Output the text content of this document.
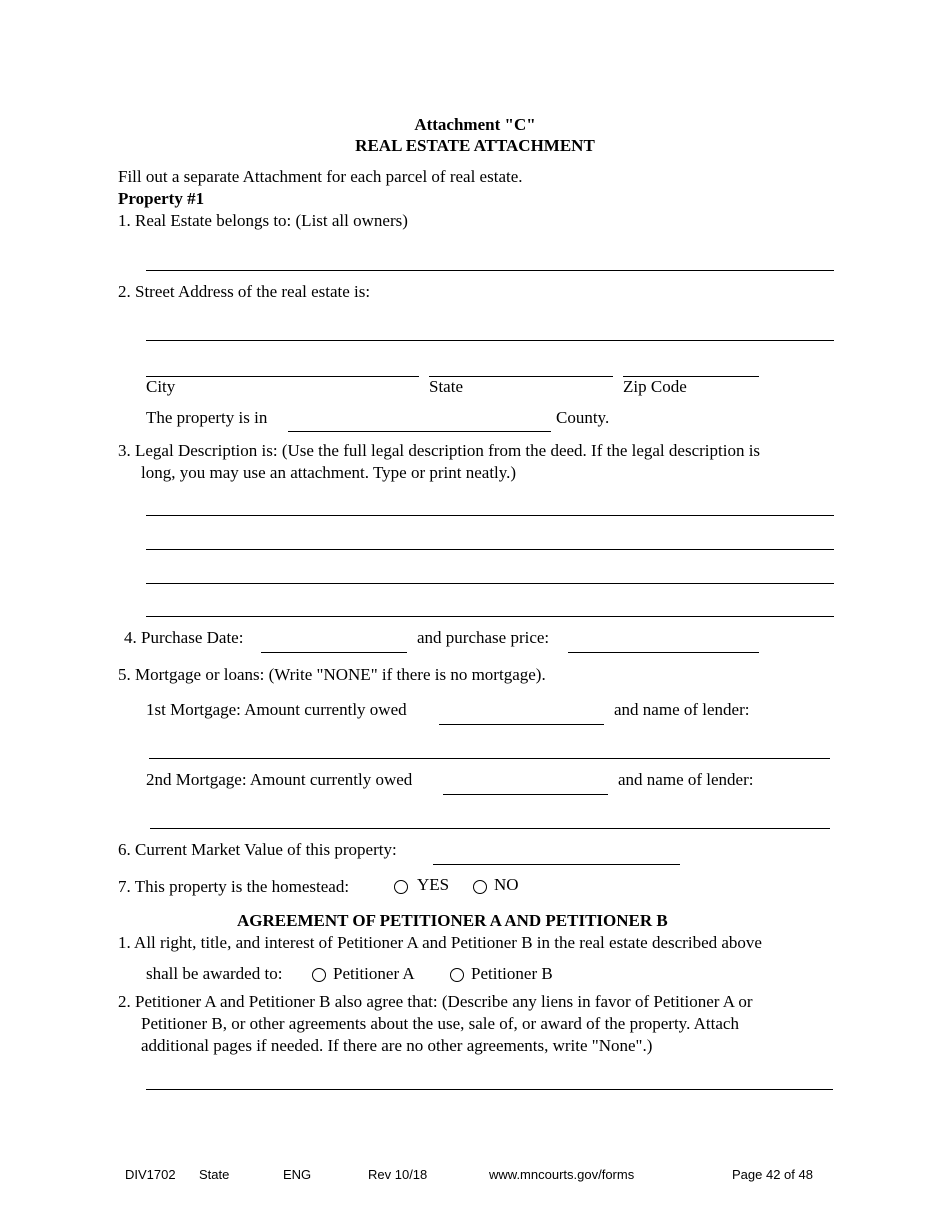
Attachment "C"
REAL ESTATE ATTACHMENT
Fill out a separate Attachment for each parcel of real estate.
Property #1
1. Real Estate belongs to: (List all owners)
2. Street Address of the real estate is:
City	State	Zip Code
The property is in	County.
3. Legal Description is: (Use the full legal description from the deed. If the legal description is
long, you may use an attachment. Type or print neatly.)
4. Purchase Date:	and purchase price:
5. Mortgage or loans: (Write "NONE" if there is no mortgage).
1st Mortgage: Amount currently owed	and name of lender:
2nd Mortgage: Amount currently owed	and name of lender:
6. Current Market Value of this property:
7. This property is the homestead:	YES	NO
AGREEMENT OF PETITIONER A AND PETITIONER B
1. All right, title, and interest of Petitioner A and Petitioner B in the real estate described above
shall be awarded to:	Petitioner A	Petitioner B
2. Petitioner A and Petitioner B also agree that: (Describe any liens in favor of Petitioner A or
Petitioner B, or other agreements about the use, sale of, or award of the property. Attach
additional pages if needed. If there are no other agreements, write "None".)
DIV1702 State	ENG	Rev 10/18	www.mncourts.gov/forms	Page 42 of 48
